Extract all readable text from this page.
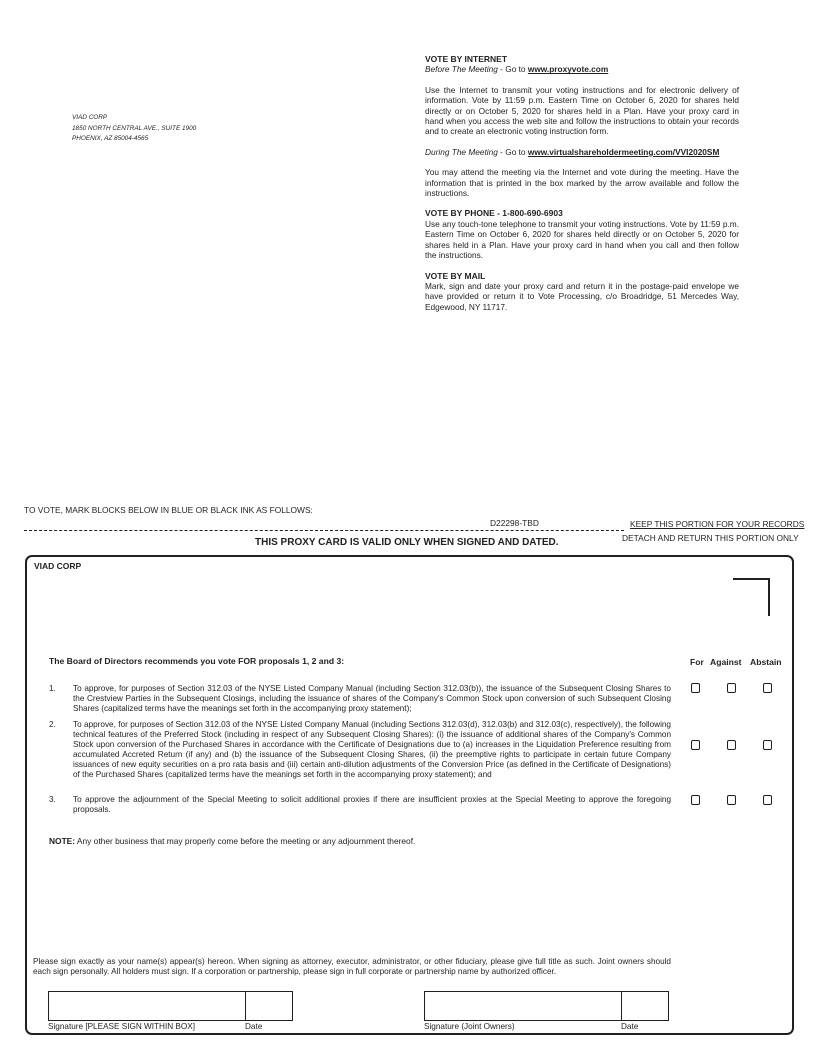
VIAD CORP
1850 NORTH CENTRAL AVE., SUITE 1900
PHOENIX, AZ 85004-4565
VOTE BY INTERNET

Before The Meeting - Go to www.proxyvote.com

Use the Internet to transmit your voting instructions and for electronic delivery of information. Vote by 11:59 p.m. Eastern Time on October 6, 2020 for shares held directly or on October 5, 2020 for shares held in a Plan. Have your proxy card in hand when you access the web site and follow the instructions to obtain your records and to create an electronic voting instruction form.

During The Meeting - Go to www.virtualshareholdermeeting.com/VVI2020SM

You may attend the meeting via the Internet and vote during the meeting. Have the information that is printed in the box marked by the arrow available and follow the instructions.

VOTE BY PHONE - 1-800-690-6903

Use any touch-tone telephone to transmit your voting instructions. Vote by 11:59 p.m. Eastern Time on October 6, 2020 for shares held directly or on October 5, 2020 for shares held in a Plan. Have your proxy card in hand when you call and then follow the instructions.

VOTE BY MAIL

Mark, sign and date your proxy card and return it in the postage-paid envelope we have provided or return it to Vote Processing, c/o Broadridge, 51 Mercedes Way, Edgewood, NY 11717.

TO VOTE, MARK BLOCKS BELOW IN BLUE OR BLACK INK AS FOLLOWS:
D22298-TBD	KEEP THIS PORTION FOR YOUR RECORDS
DETACH AND RETURN THIS PORTION ONLY
THIS PROXY CARD IS VALID ONLY WHEN SIGNED AND DATED.
VIAD CORP
The Board of Directors recommends you vote FOR proposals 1, 2 and 3:	For Against Abstain
1. To approve, for purposes of Section 312.03 of the NYSE Listed Company Manual (including Section 312.03(b)), the issuance of the Subsequent Closing Shares to the Crestview Parties in the Subsequent Closings, including the issuance of shares of the Company's Common Stock upon conversion of such Subsequent Closing Shares (capitalized terms have the meanings set forth in the accompanying proxy statement);
2. To approve, for purposes of Section 312.03 of the NYSE Listed Company Manual (including Sections 312.03(d), 312.03(b) and 312.03(c), respectively), the following technical features of the Preferred Stock (including in respect of any Subsequent Closing Shares): (i) the issuance of additional shares of the Company's Common Stock upon conversion of the Purchased Shares in accordance with the Certificate of Designations due to (a) increases in the Liquidation Preference resulting from accumulated Accreted Return (if any) and (b) the issuance of the Subsequent Closing Shares, (ii) the preemptive rights to participate in certain future Company issuances of new equity securities on a pro rata basis and (iii) certain anti-dilution adjustments of the Conversion Price (as defined in the Certificate of Designations) of the Purchased Shares (capitalized terms have the meanings set forth in the accompanying proxy statement); and
3. To approve the adjournment of the Special Meeting to solicit additional proxies if there are insufficient proxies at the Special Meeting to approve the foregoing proposals.
NOTE: Any other business that may properly come before the meeting or any adjournment thereof.
Please sign exactly as your name(s) appear(s) hereon. When signing as attorney, executor, administrator, or other fiduciary, please give full title as such. Joint owners should each sign personally. All holders must sign. If a corporation or partnership, please sign in full corporate or partnership name by authorized officer.
Signature [PLEASE SIGN WITHIN BOX]	Date	Signature (Joint Owners)	Date
